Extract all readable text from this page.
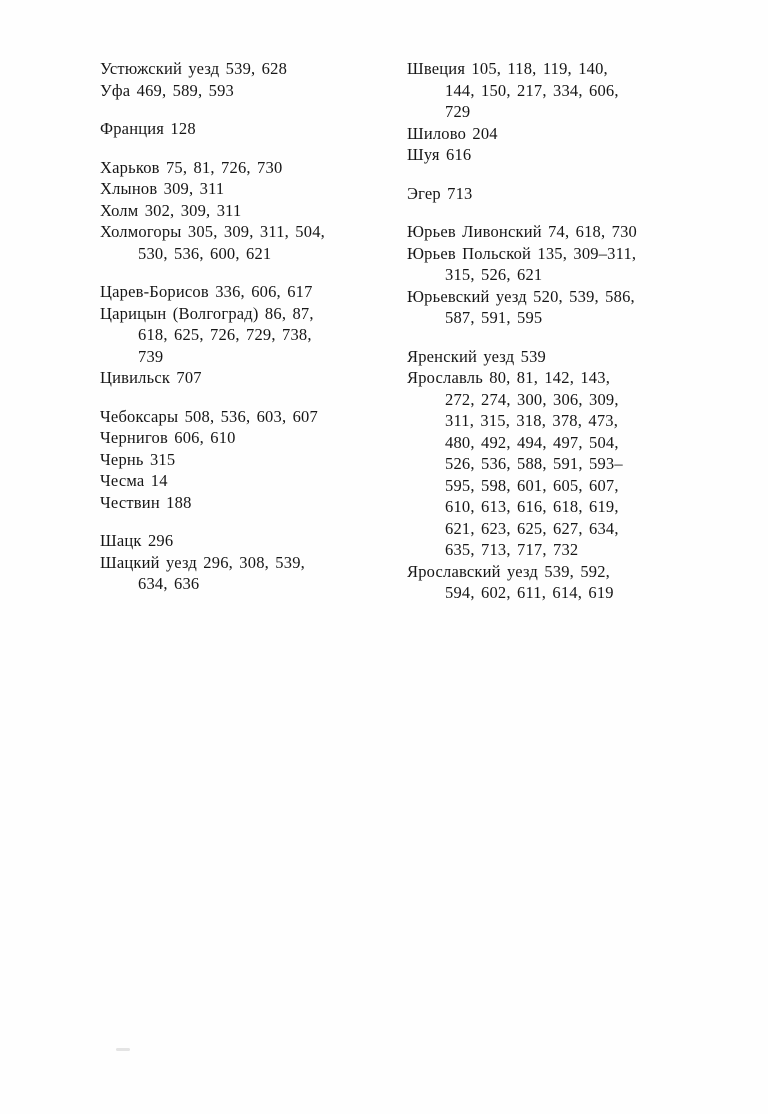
Устюжский уезд 539, 628
Уфа 469, 589, 593
Франция 128
Харьков 75, 81, 726, 730
Хлынов 309, 311
Холм 302, 309, 311
Холмогоры 305, 309, 311, 504,
530, 536, 600, 621
Царев-Борисов 336, 606, 617
Царицын (Волгоград) 86, 87,
618, 625, 726, 729, 738,
739
Цивильск 707
Чебоксары 508, 536, 603, 607
Чернигов 606, 610
Чернь 315
Чесма 14
Чествин 188
Шацк 296
Шацкий уезд 296, 308, 539,
634, 636
Швеция 105, 118, 119, 140,
144, 150, 217, 334, 606,
729
Шилово 204
Шуя 616
Эгер 713
Юрьев Ливонский 74, 618, 730
Юрьев Польской 135, 309–311,
315, 526, 621
Юрьевский уезд 520, 539, 586,
587, 591, 595
Яренский уезд 539
Ярославль 80, 81, 142, 143,
272, 274, 300, 306, 309,
311, 315, 318, 378, 473,
480, 492, 494, 497, 504,
526, 536, 588, 591, 593–
595, 598, 601, 605, 607,
610, 613, 616, 618, 619,
621, 623, 625, 627, 634,
635, 713, 717, 732
Ярославский уезд 539, 592,
594, 602, 611, 614, 619
